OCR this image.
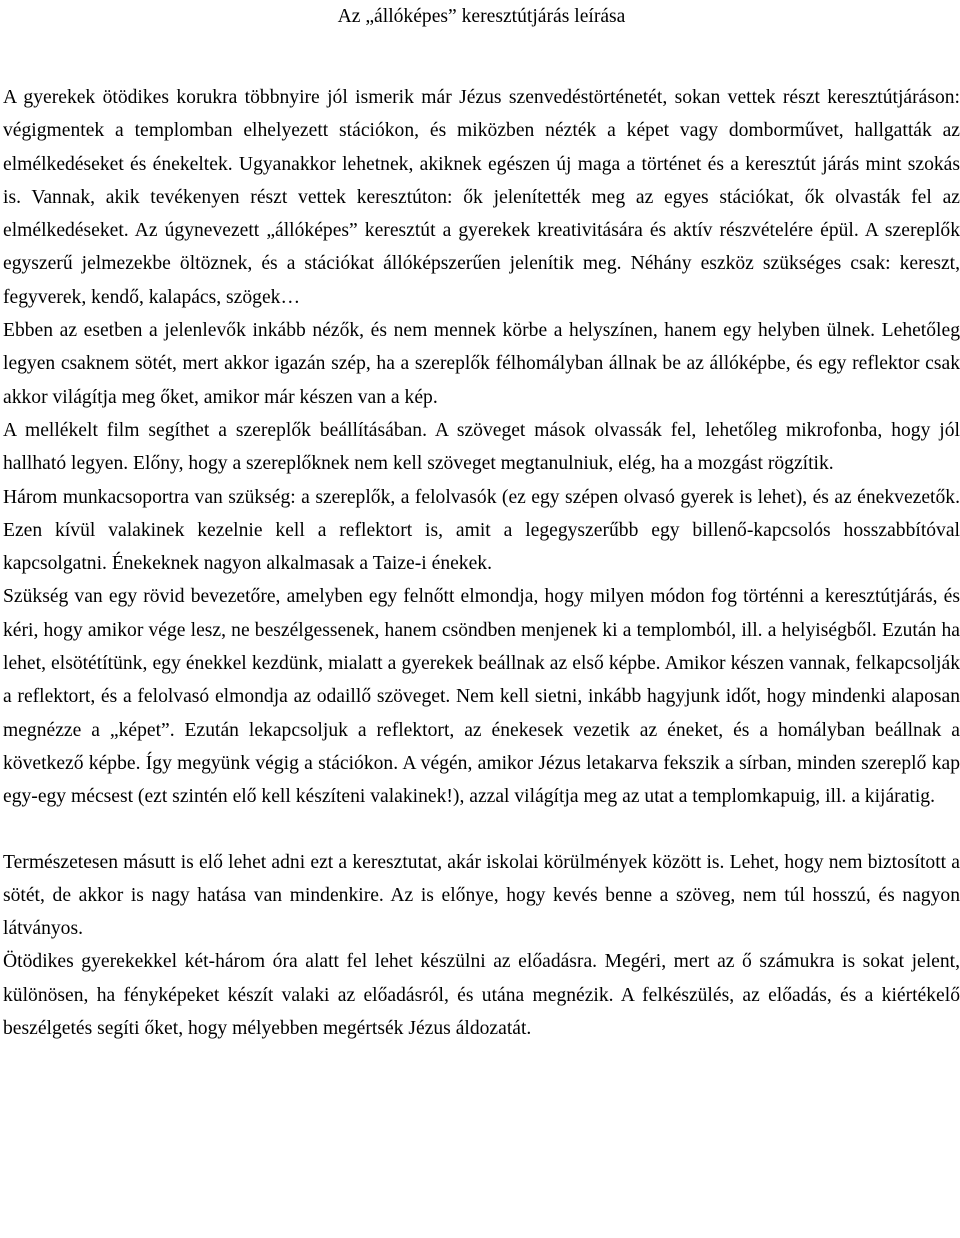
Az „állóképes” keresztútjárás leírása

A gyerekek ötödikes korukra többnyire jól ismerik már Jézus szenvedéstörténetét, sokan vettek részt keresztútjáráson: végigmentek a templomban elhelyezett stációkon, és miközben nézték a képet vagy domborművet, hallgatták az elmélkedéseket és énekeltek. Ugyanakkor lehetnek, akiknek egészen új maga a történet és a keresztút járás mint szokás is. Vannak, akik tevékenyen részt vettek keresztúton: ők jelenítették meg az egyes stációkat, ők olvasták fel az elmélkedéseket. Az úgynevezett „állóképes” keresztút a gyerekek kreativitására és aktív részvételére épül. A szereplők egyszerű jelmezekbe öltöznek, és a stációkat állóképszerűen jelenítik meg. Néhány eszköz szükséges csak: kereszt, fegyverek, kendő, kalapács, szögek…

Ebben az esetben a jelenlevők inkább nézők, és nem mennek körbe a helyszínen, hanem egy helyben ülnek. Lehetőleg legyen csaknem sötét, mert akkor igazán szép, ha a szereplők félhomályban állnak be az állóképbe, és egy reflektor csak akkor világítja meg őket, amikor már készen van a kép.

A mellékelt film segíthet a szereplők beállításában. A szöveget mások olvassák fel, lehetőleg mikrofonba, hogy jól hallható legyen. Előny, hogy a szereplőknek nem kell szöveget megtanulniuk, elég, ha a mozgást rögzítik.

Három munkacsoportra van szükség: a szereplők, a felolvasók (ez egy szépen olvasó gyerek is lehet), és az énekvezetők. Ezen kívül valakinek kezelnie kell a reflektort is, amit a legegyszerűbb egy billenő-kapcsolós hosszabbítóval kapcsolgatni. Énekeknek nagyon alkalmasak a Taize-i énekek.

Szükség van egy rövid bevezetőre, amelyben egy felnőtt elmondja, hogy milyen módon fog történni a keresztútjárás, és kéri, hogy amikor vége lesz, ne beszélgessenek, hanem csöndben menjenek ki a templomból, ill. a helyiségből. Ezután ha lehet, elsötétítünk, egy énekkel kezdünk, mialatt a gyerekek beállnak az első képbe. Amikor készen vannak, felkapcsolják a reflektort, és a felolvasó elmondja az odaillő szöveget. Nem kell sietni, inkább hagyjunk időt, hogy mindenki alaposan megnézze a „képet”. Ezután lekapcsoljuk a reflektort, az énekesek vezetik az éneket, és a homályban beállnak a következő képbe. Így megyünk végig a stációkon. A végén, amikor Jézus letakarva fekszik a sírban, minden szereplő kap egy-egy mécsest (ezt szintén elő kell készíteni valakinek!), azzal világítja meg az utat a templomkapuig, ill. a kijáratig.

Természetesen másutt is elő lehet adni ezt a keresztutat, akár iskolai körülmények között is. Lehet, hogy nem biztosított a sötét, de akkor is nagy hatása van mindenkire. Az is előnye, hogy kevés benne a szöveg, nem túl hosszú, és nagyon látványos.

Ötödikes gyerekekkel két-három óra alatt fel lehet készülni az előadásra. Megéri, mert az ő számukra is sokat jelent, különösen, ha fényképeket készít valaki az előadásról, és utána megnézik. A felkészülés, az előadás, és a kiértékelő beszélgetés segíti őket, hogy mélyebben megértsék Jézus áldozatát.
